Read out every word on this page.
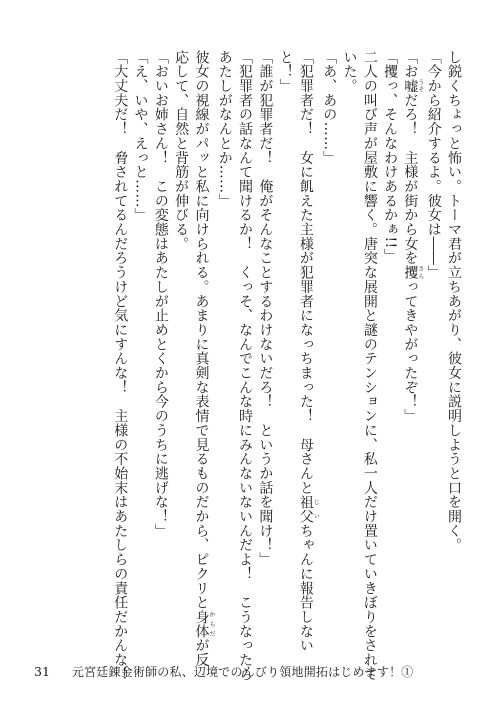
し鋭くちょっと怖い。トーマ君が立ちあがり、彼女に説明しようと口を開く。
「今から紹介するよ。彼女は――」
「お嘘うそだろ！　主様が街から女を攫さらってきやがったぞ！」
「攫っ、そんなわけあるかぁ!!」
二人の叫び声が屋敷に響く。唐突な展開と謎のテンションに、私一人だけ置いていきぼりをされて
いた。
「あ、あの……」
「犯罪者だ！　女に飢えた主様が犯罪者になっちまった！　母さんと祖父じいちゃんに報告しない
と！」
「誰が犯罪者だ！　俺がそんなことするわけないだろ！　というか話を聞け！」
「犯罪者の話なんて聞けるか！　くっそ、なんでこんな時にみんないないんだよ！　こうなったら
あたしがなんとか……」
彼女の視線がパッと私に向けられる。あまりに真剣な表情で見るものだから、ピクリと身体からだが反
応して、自然と背筋が伸びる。
「おいお姉さん！　この変態はあたしが止めとくから今のうちに逃げな！」
「え、いや、えっと……」
「大丈夫だ！　脅されてるんだろうけど気にすんな！　主様の不始末はあたしらの責任だかんな！
31 元宮廷錬金術師の私、辺境でのんびり領地開拓はじめます！①
